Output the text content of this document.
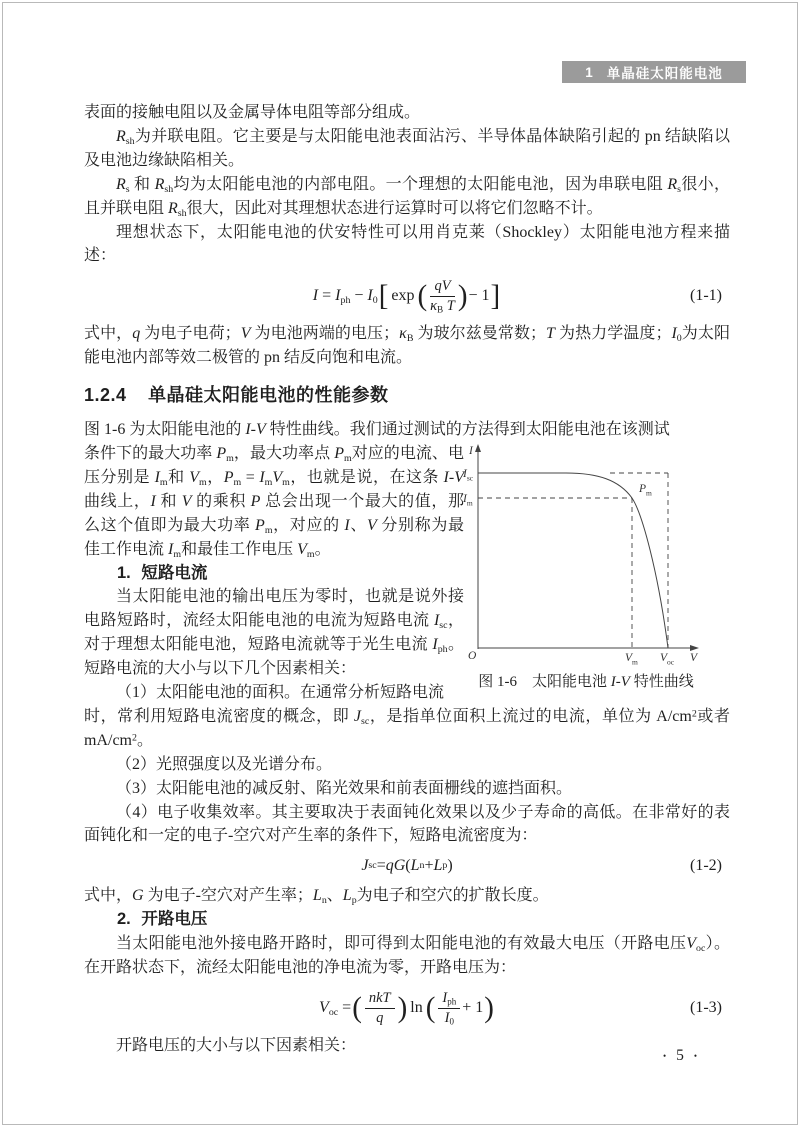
1 单晶硅太阳能电池

表面的接触电阻以及金属导体电阻等部分组成。

$R_{sh}$为并联电阻。它主要是与太阳能电池表面沾污、半导体晶体缺陷引起的 pn 结缺陷以及电池边缘缺陷相关。

$R_s$ 和 $R_{sh}$均为太阳能电池的内部电阻。一个理想的太阳能电池，因为串联电阻 $R_s$很小，且并联电阻 $R_{sh}$很大，因此对其理想状态进行运算时可以将它们忽略不计。

理想状态下，太阳能电池的伏安特性可以用肖克莱（Shockley）太阳能电池方程来描述：

$I = I_{ph} - I_0$ [ exp ( $\frac{qV}{\kappa_B T}$ ) − 1 ]	(1-1)

式中，q 为电子电荷；V 为电池两端的电压；$\kappa_B$ 为玻尔兹曼常数；T 为热力学温度；$I_0$为太阳能电池内部等效二极管的 pn 结反向饱和电流。

1.2.4 单晶硅太阳能电池的性能参数

图 1-6 为太阳能电池的 I-V 特性曲线。我们通过测试的方法得到太阳能电池在该测试

条件下的最大功率 $P_m$，最大功率点 $P_m$对应的电流、电压分别是 $I_m$和 $V_m$，$P_m = I_mV_m$，也就是说，在这条 I-V 曲线上，I 和 V 的乘积 P 总会出现一个最大的值，那么这个值即为最大功率 $P_m$，对应的 I、V 分别称为最佳工作电流 $I_m$和最佳工作电压 $V_m$。

1. 短路电流

当太阳能电池的输出电压为零时，也就是说外接电路短路时，流经太阳能电池的电流为短路电流 $I_{sc}$，对于理想太阳能电池，短路电流就等于光生电流 $I_{ph}$。短路电流的大小与以下几个因素相关：

（1）太阳能电池的面积。在通常分析短路电流

时，常利用短路电流密度的概念，即 $J_{sc}$，是指单位面积上流过的电流，单位为 $A/cm^2$或者 $mA/cm^2$。

（2）光照强度以及光谱分布。

（3）太阳能电池的减反射、陷光效果和前表面栅线的遮挡面积。

（4）电子收集效率。其主要取决于表面钝化效果以及少子寿命的高低。在非常好的表面钝化和一定的电子-空穴对产生率的条件下，短路电流密度为：

J sc = qG ( L n + L p )	(1-2)

式中，G 为电子-空穴对产生率；$L_n$、$L_p$为电子和空穴的扩散长度。

2. 开路电压

当太阳能电池外接电路开路时，即可得到太阳能电池的有效最大电压（开路电压$V_{oc}$）。在开路状态下，流经太阳能电池的净电流为零，开路电压为：

$V_{oc}$ = ( $\frac{\text{nkT}}{q}$ ) ln ( $\frac{I_{ph}}{I_0} + 1$ )	(1-3)

开路电压的大小与以下因素相关：

I
$I_{sc}$
$I_m$
O	$V_m$ $V_{oc}$ V
$P_m$
图 1-6　太阳能电池 I-V 特性曲线
• 5 •
